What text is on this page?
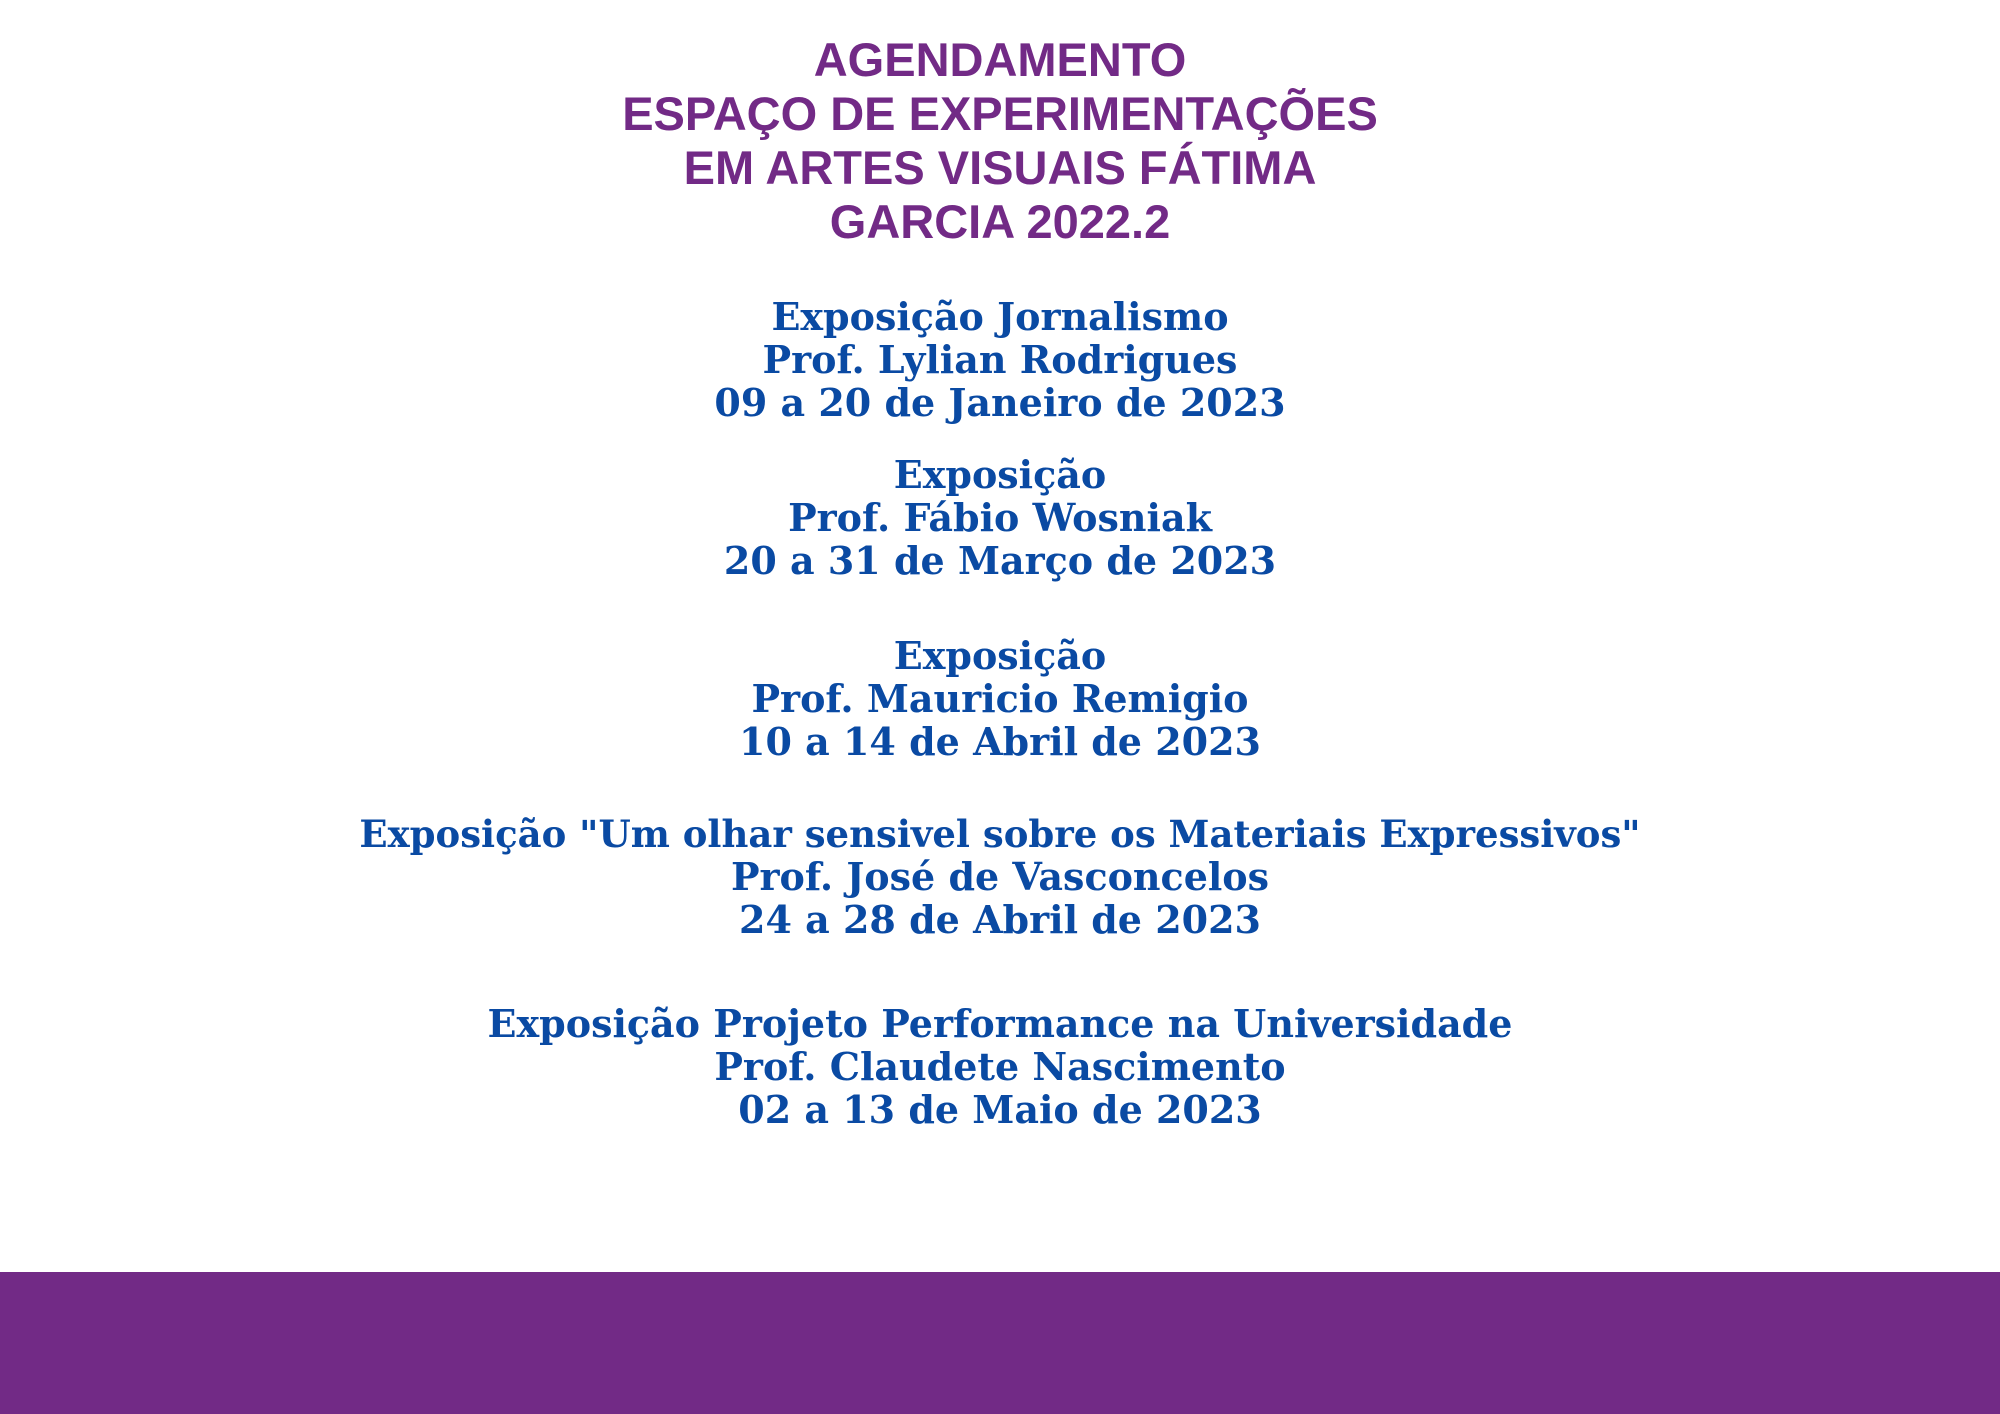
AGENDAMENTO
ESPAÇO DE EXPERIMENTAÇÕES
EM ARTES VISUAIS FÁTIMA
GARCIA 2022.2
Exposição Jornalismo
Prof. Lylian Rodrigues
09 a 20 de Janeiro de 2023
Exposição
Prof. Fábio Wosniak
20 a 31 de Março de 2023
Exposição
Prof. Mauricio Remigio
10 a 14 de Abril de 2023
Exposição "Um olhar sensivel sobre os Materiais Expressivos"
Prof. José de Vasconcelos
24 a 28 de Abril de 2023
Exposição Projeto Performance na Universidade
Prof. Claudete Nascimento
02 a 13 de Maio de 2023
